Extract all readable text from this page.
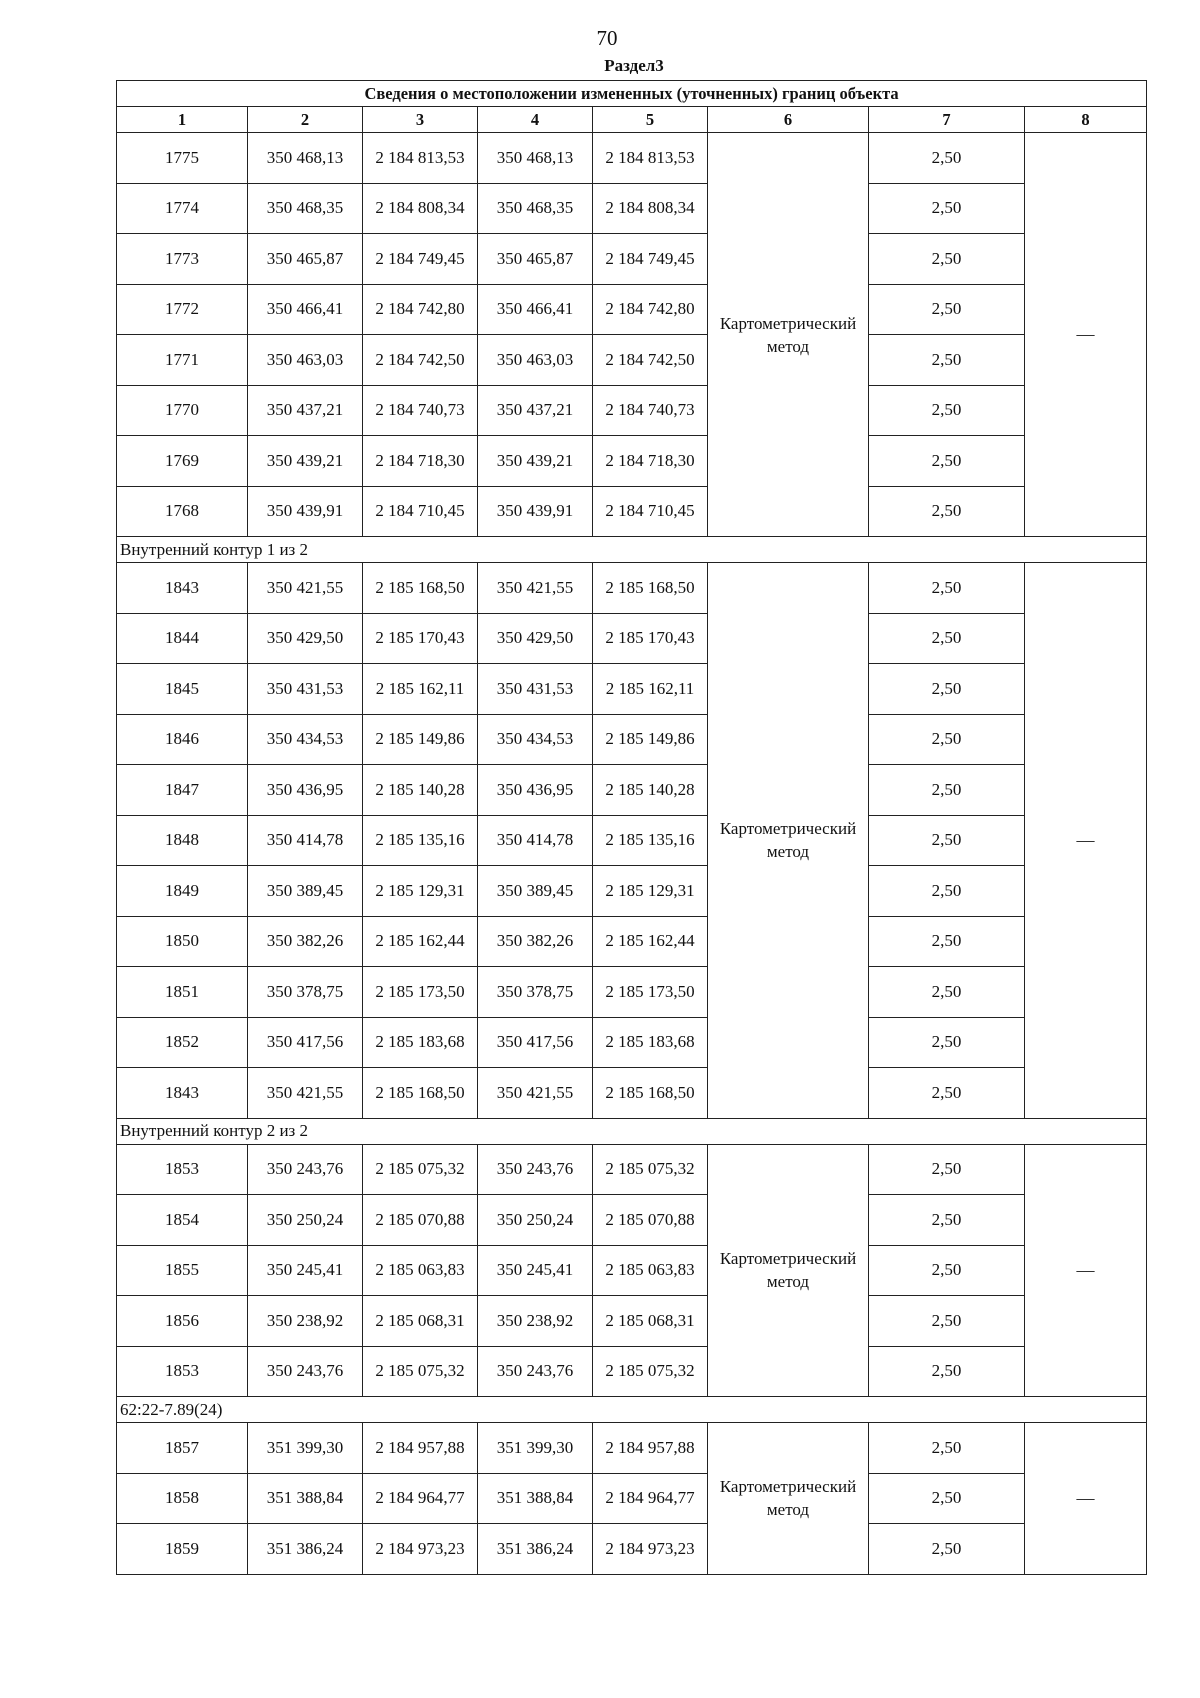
70
Раздел3
Сведения о местоположении измененных (уточненных) границ объекта							
1	2	3	4	5	6	7	8
1775	350 468,13	2 184 813,53	350 468,13	2 184 813,53	Картометрический метод	2,50	—
1774	350 468,35	2 184 808,34	350 468,35	2 184 808,34		2,50	
1773	350 465,87	2 184 749,45	350 465,87	2 184 749,45		2,50	
1772	350 466,41	2 184 742,80	350 466,41	2 184 742,80		2,50	
1771	350 463,03	2 184 742,50	350 463,03	2 184 742,50		2,50	
1770	350 437,21	2 184 740,73	350 437,21	2 184 740,73		2,50	
1769	350 439,21	2 184 718,30	350 439,21	2 184 718,30		2,50	
1768	350 439,91	2 184 710,45	350 439,91	2 184 710,45		2,50	
Внутренний контур 1 из 2							
1843	350 421,55	2 185 168,50	350 421,55	2 185 168,50	Картометрический метод	2,50	—
1844	350 429,50	2 185 170,43	350 429,50	2 185 170,43		2,50	
1845	350 431,53	2 185 162,11	350 431,53	2 185 162,11		2,50	
1846	350 434,53	2 185 149,86	350 434,53	2 185 149,86		2,50	
1847	350 436,95	2 185 140,28	350 436,95	2 185 140,28		2,50	
1848	350 414,78	2 185 135,16	350 414,78	2 185 135,16		2,50	
1849	350 389,45	2 185 129,31	350 389,45	2 185 129,31		2,50	
1850	350 382,26	2 185 162,44	350 382,26	2 185 162,44		2,50	
1851	350 378,75	2 185 173,50	350 378,75	2 185 173,50		2,50	
1852	350 417,56	2 185 183,68	350 417,56	2 185 183,68		2,50	
1843	350 421,55	2 185 168,50	350 421,55	2 185 168,50		2,50	
Внутренний контур 2 из 2							
1853	350 243,76	2 185 075,32	350 243,76	2 185 075,32	Картометрический метод	2,50	—
1854	350 250,24	2 185 070,88	350 250,24	2 185 070,88		2,50	
1855	350 245,41	2 185 063,83	350 245,41	2 185 063,83		2,50	
1856	350 238,92	2 185 068,31	350 238,92	2 185 068,31		2,50	
1853	350 243,76	2 185 075,32	350 243,76	2 185 075,32		2,50	
62:22-7.89(24)							
1857	351 399,30	2 184 957,88	351 399,30	2 184 957,88	Картометрический метод	2,50	—
1858	351 388,84	2 184 964,77	351 388,84	2 184 964,77		2,50	
1859	351 386,24	2 184 973,23	351 386,24	2 184 973,23		2,50	
